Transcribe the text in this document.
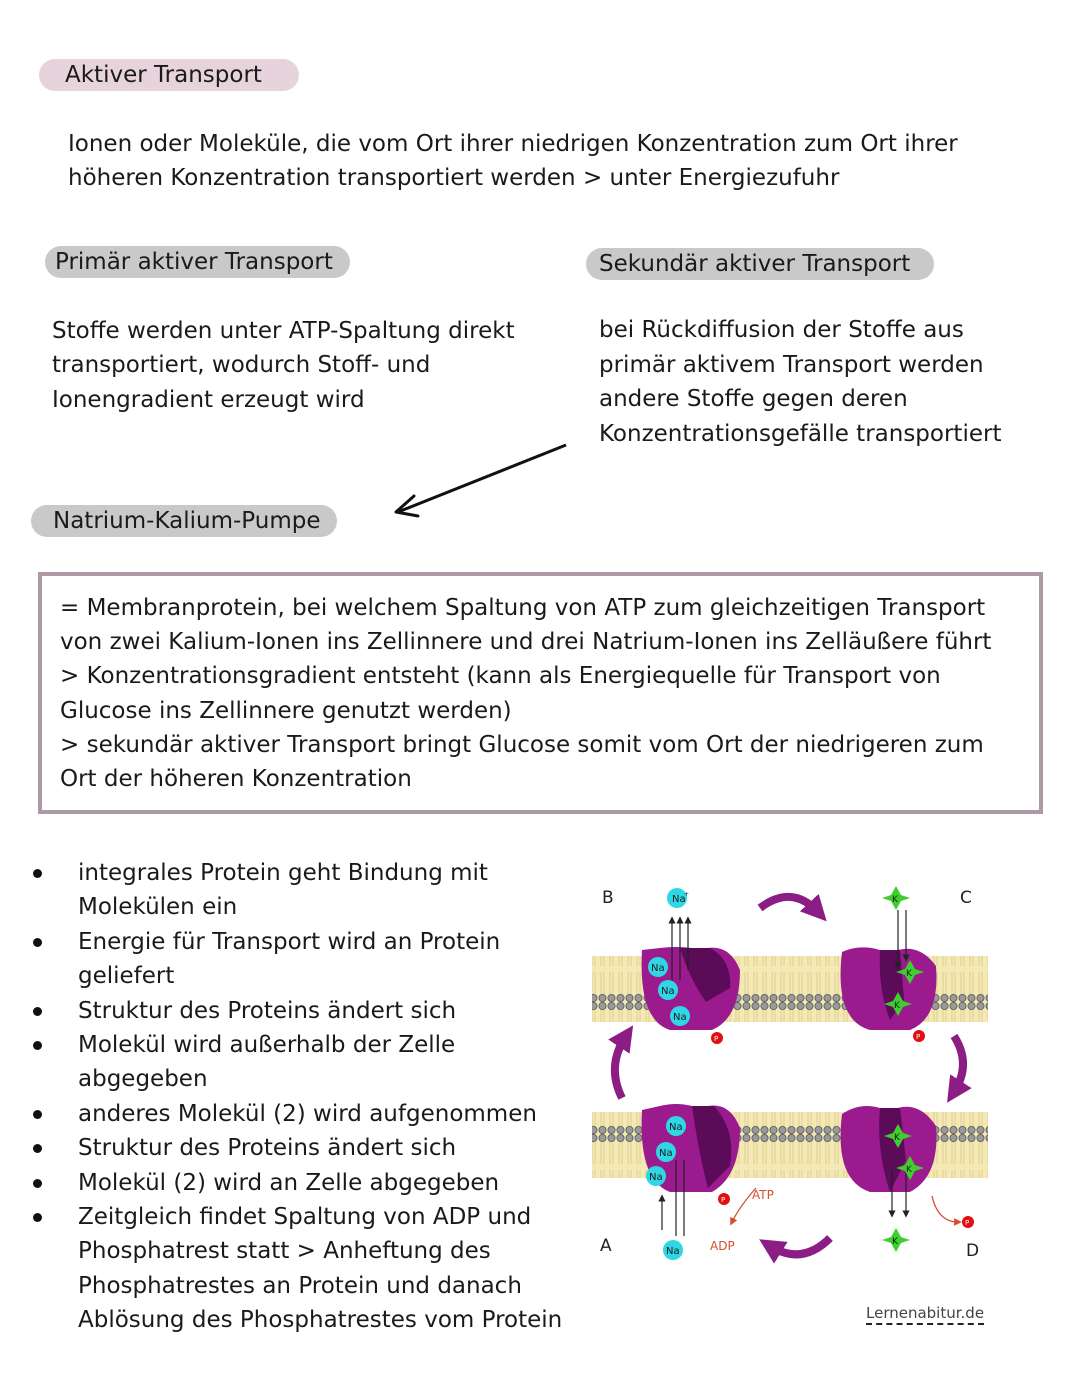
Aktiver Transport
Ionen oder Moleküle, die vom Ort ihrer niedrigen Konzentration zum Ort ihrer
höheren Konzentration transportiert werden > unter Energiezufuhr
Primär aktiver Transport
Stoffe werden unter ATP-Spaltung direkt
transportiert, wodurch Stoff- und
Ionengradient erzeugt wird
Sekundär aktiver Transport
bei Rückdiffusion der Stoffe aus
primär aktivem Transport werden
andere Stoffe gegen deren
Konzentrationsgefälle transportiert
Natrium-Kalium-Pumpe
= Membranprotein, bei welchem Spaltung von ATP zum gleichzeitigen Transport
von zwei Kalium-Ionen ins Zellinnere und drei Natrium-Ionen ins Zelläußere führt
> Konzentrationsgradient entsteht (kann als Energiequelle für Transport von
Glucose ins Zellinnere genutzt werden)
> sekundär aktiver Transport bringt Glucose somit vom Ort der niedrigeren zum
Ort der höheren Konzentration
integrales Protein geht Bindung mit
Molekülen ein
Energie für Transport wird an Protein
geliefert
Struktur des Proteins ändert sich
Molekül wird außerhalb der Zelle
abgegeben
anderes Molekül (2) wird aufgenommen
Struktur des Proteins ändert sich
Molekül (2) wird an Zelle abgegeben
Zeitgleich findet Spaltung von ADP und
Phosphatrest statt > Anheftung des
Phosphatrestes an Protein und danach
Ablösung des Phosphatrestes vom Protein
Na
+
Na
Na
Na
Na
Na
Na
Na
K
K
K
K
K
K
P	P
P
P
ATP
ADP
B	C
A	D
Lernenabitur.de
